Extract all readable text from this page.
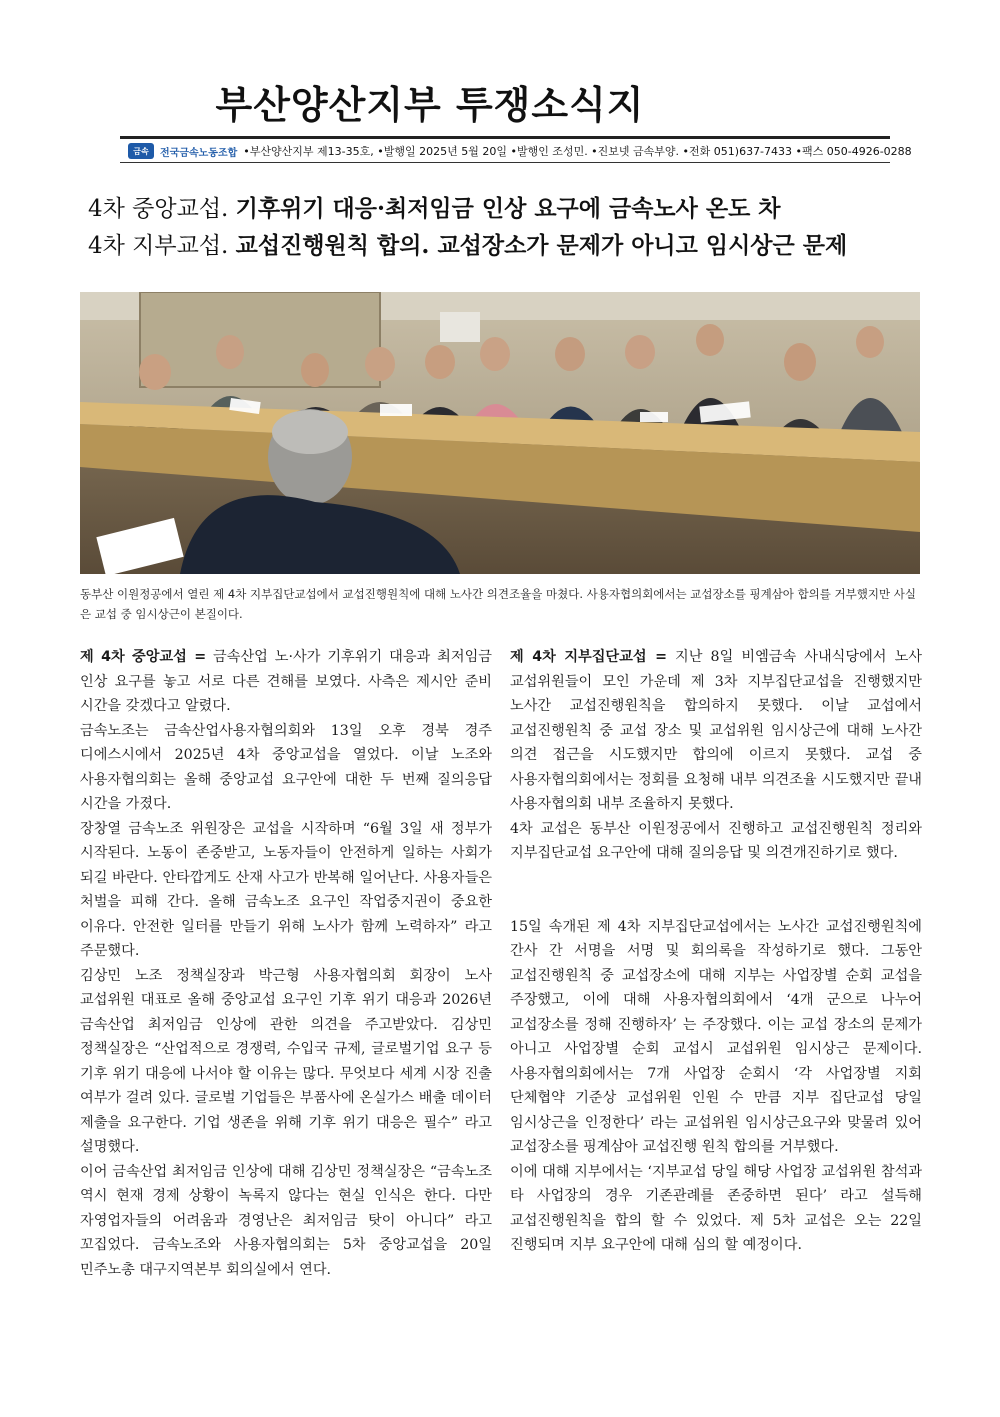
부산양산지부 투쟁소식지
금속	전국금속노동조합 •부산양산지부 제13-35호, •발행일 2025년 5월 20일 •발행인 조성민. •진보넷 금속부양. •전화 051)637-7433 •팩스 050-4926-0288
4차 중앙교섭. 기후위기 대응·최저임금 인상 요구에 금속노사 온도 차
4차 지부교섭. 교섭진행원칙 합의. 교섭장소가 문제가 아니고 임시상근 문제
동부산 이원정공에서 열린 제 4차 지부집단교섭에서 교섭진행원칙에 대해 노사간 의견조율을 마쳤다. 사용자협의회에서는 교섭장소를 핑계삼아 합의를 거부했지만 사실은 교섭 중 임시상근이 본질이다.

제 4차 중앙교섭 = 금속산업 노·사가 기후위기 대응과 최저임금 인상 요구를 놓고 서로 다른 견해를 보였다. 사측은 제시안 준비 시간을 갖겠다고 알렸다.

금속노조는 금속산업사용자협의회와 13일 오후 경북 경주 디에스시에서 2025년 4차 중앙교섭을 열었다. 이날 노조와 사용자협의회는 올해 중앙교섭 요구안에 대한 두 번째 질의응답 시간을 가졌다.

장창열 금속노조 위원장은 교섭을 시작하며 “6월 3일 새 정부가 시작된다. 노동이 존중받고, 노동자들이 안전하게 일하는 사회가 되길 바란다. 안타깝게도 산재 사고가 반복해 일어난다. 사용자들은 처벌을 피해 간다. 올해 금속노조 요구인 작업중지권이 중요한 이유다. 안전한 일터를 만들기 위해 노사가 함께 노력하자” 라고 주문했다.

김상민 노조 정책실장과 박근형 사용자협의회 회장이 노사 교섭위원 대표로 올해 중앙교섭 요구인 기후 위기 대응과 2026년 금속산업 최저임금 인상에 관한 의견을 주고받았다. 김상민 정책실장은 “산업적으로 경쟁력, 수입국 규제, 글로벌기업 요구 등 기후 위기 대응에 나서야 할 이유는 많다. 무엇보다 세계 시장 진출 여부가 걸려 있다. 글로벌 기업들은 부품사에 온실가스 배출 데이터 제출을 요구한다. 기업 생존을 위해 기후 위기 대응은 필수” 라고 설명했다.

이어 금속산업 최저임금 인상에 대해 김상민 정책실장은 “금속노조 역시 현재 경제 상황이 녹록지 않다는 현실 인식은 한다. 다만 자영업자들의 어려움과 경영난은 최저임금 탓이 아니다” 라고 꼬집었다. 금속노조와 사용자협의회는 5차 중앙교섭을 20일 민주노총 대구지역본부 회의실에서 연다.

제 4차 지부집단교섭 = 지난 8일 비엠금속 사내식당에서 노사 교섭위원들이 모인 가운데 제 3차 지부집단교섭을 진행했지만 노사간 교섭진행원칙을 합의하지 못했다. 이날 교섭에서 교섭진행원칙 중 교섭 장소 및 교섭위원 임시상근에 대해 노사간 의견 접근을 시도했지만 합의에 이르지 못했다. 교섭 중 사용자협의회에서는 정회를 요청해 내부 의견조율 시도했지만 끝내 사용자협의회 내부 조율하지 못했다.

4차 교섭은 동부산 이원정공에서 진행하고 교섭진행원칙 정리와 지부집단교섭 요구안에 대해 질의응답 및 의견개진하기로 했다.

15일 속개된 제 4차 지부집단교섭에서는 노사간 교섭진행원칙에 간사 간 서명을 서명 및 회의록을 작성하기로 했다. 그동안 교섭진행원칙 중 교섭장소에 대해 지부는 사업장별 순회 교섭을 주장했고, 이에 대해 사용자협의회에서 ‘4개 군으로 나누어 교섭장소를 정해 진행하자’ 는 주장했다. 이는 교섭 장소의 문제가 아니고 사업장별 순회 교섭시 교섭위원 임시상근 문제이다. 사용자협의회에서는 7개 사업장 순회시 ‘각 사업장별 지회 단체협약 기준상 교섭위원 인원 수 만큼 지부 집단교섭 당일 임시상근을 인정한다’ 라는 교섭위원 임시상근요구와 맞물려 있어 교섭장소를 핑계삼아 교섭진행 원칙 합의를 거부했다.

이에 대해 지부에서는 ‘지부교섭 당일 해당 사업장 교섭위원 참석과 타 사업장의 경우 기존관례를 존중하면 된다’ 라고 설득해 교섭진행원칙을 합의 할 수 있었다. 제 5차 교섭은 오는 22일 진행되며 지부 요구안에 대해 심의 할 예정이다.
